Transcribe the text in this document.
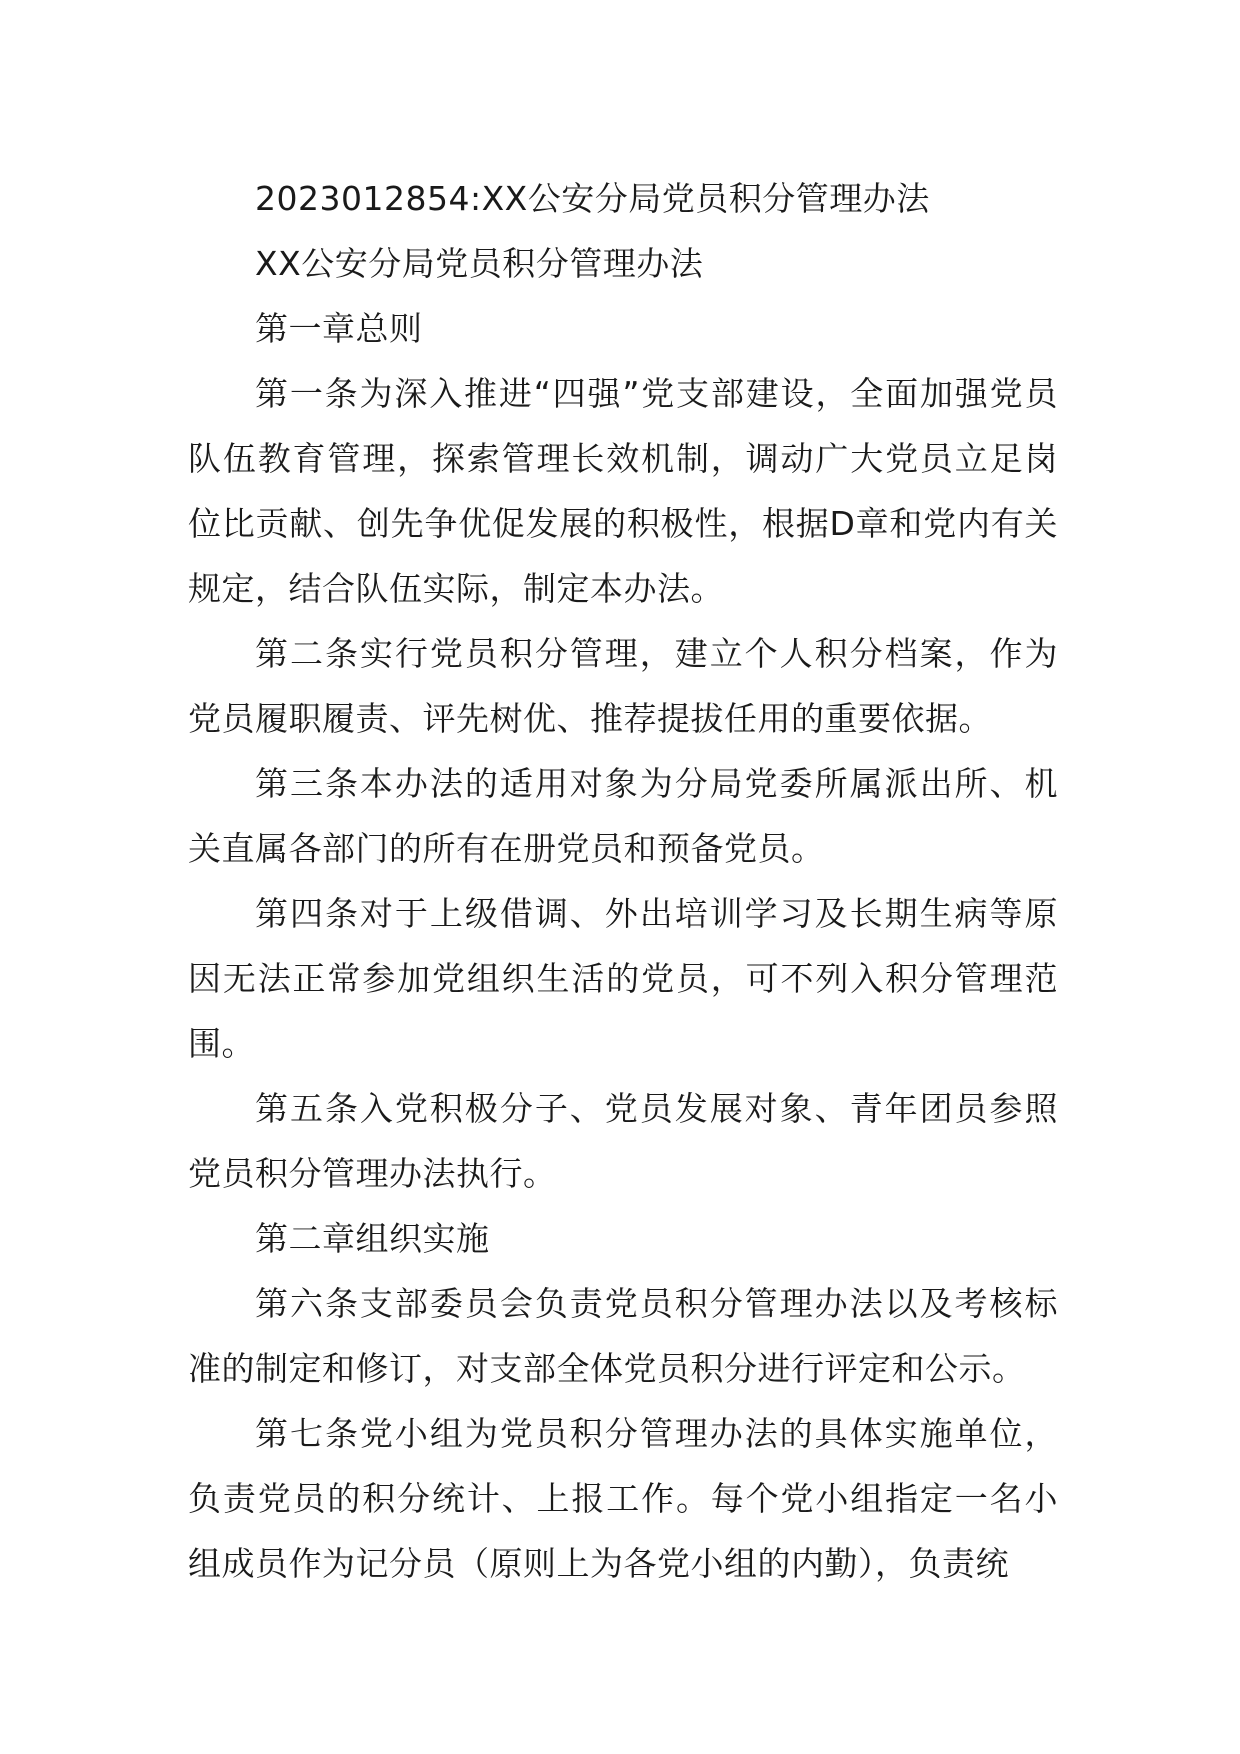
2023012854:XX公安分局党员积分管理办法

XX公安分局党员积分管理办法

第一章总则

第一条为深入推进“四强”党支部建设，全面加强党员队伍教育管理，探索管理长效机制，调动广大党员立足岗位比贡献、创先争优促发展的积极性，根据D章和党内有关规定，结合队伍实际，制定本办法。

第二条实行党员积分管理，建立个人积分档案，作为党员履职履责、评先树优、推荐提拔任用的重要依据。

第三条本办法的适用对象为分局党委所属派出所、机关直属各部门的所有在册党员和预备党员。

第四条对于上级借调、外出培训学习及长期生病等原因无法正常参加党组织生活的党员，可不列入积分管理范围。

第五条入党积极分子、党员发展对象、青年团员参照党员积分管理办法执行。

第二章组织实施

第六条支部委员会负责党员积分管理办法以及考核标准的制定和修订，对支部全体党员积分进行评定和公示。

第七条党小组为党员积分管理办法的具体实施单位，负责党员的积分统计、上报工作。每个党小组指定一名小组成员作为记分员（原则上为各党小组的内勤），负责统
